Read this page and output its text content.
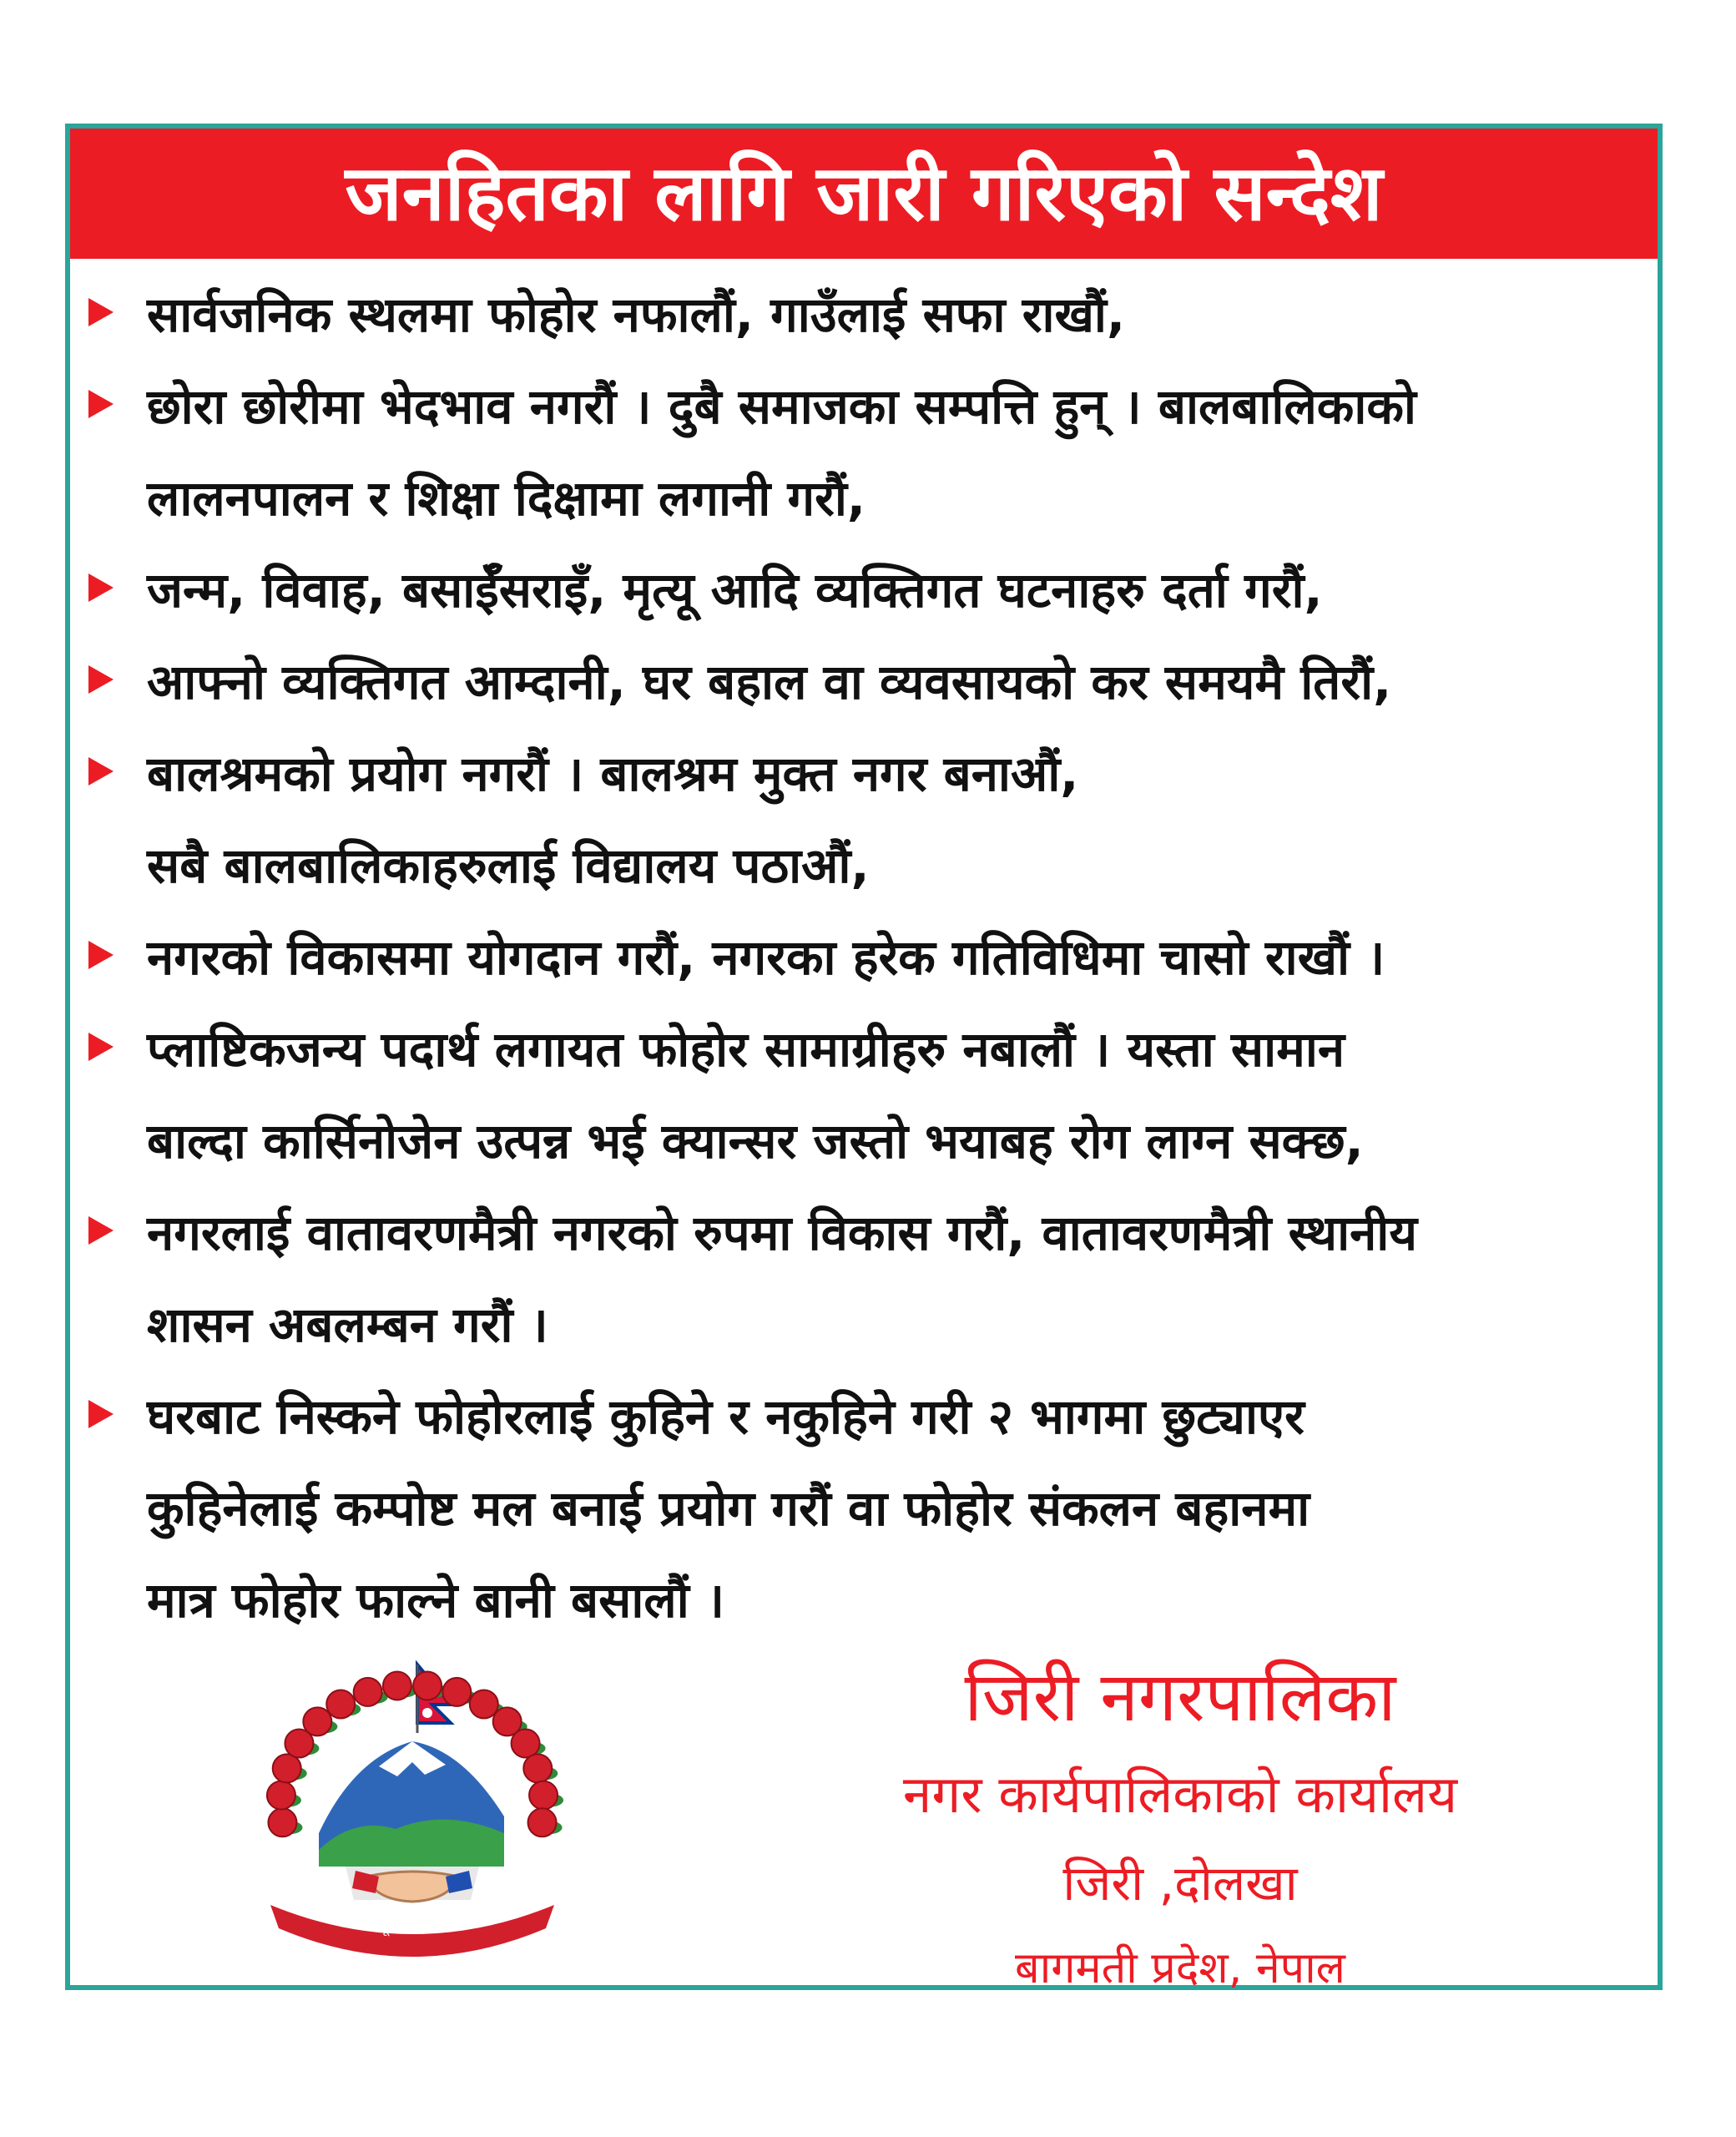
जनहितका लागि जारी गरिएको सन्देश
सार्वजनिक स्थलमा फोहोर नफालौं, गाउँलाई सफा राखौं,
छोरा छोरीमा भेदभाव नगरौं । दुबै समाजका सम्पत्ति हुन् । बालबालिकाको
लालनपालन र शिक्षा दिक्षामा लगानी गरौं,
जन्म, विवाह, बसाईँसराइँ, मृत्यू आदि व्यक्तिगत घटनाहरु दर्ता गरौं,
आफ्नो व्यक्तिगत आम्दानी, घर बहाल वा व्यवसायको कर समयमै तिरौं,
बालश्रमको प्रयोग नगरौं । बालश्रम मुक्त नगर बनाऔं,
सबै बालबालिकाहरुलाई विद्यालय पठाऔं,
नगरको विकासमा योगदान गरौं, नगरका हरेक गतिविधिमा चासो राखौं ।
प्लाष्टिकजन्य पदार्थ लगायत फोहोर सामाग्रीहरु नबालौं । यस्ता सामान
बाल्दा कार्सिनोजेन उत्पन्न भई क्यान्सर जस्तो भयाबह रोग लाग्न सक्छ,
नगरलाई वातावरणमैत्री नगरको रुपमा विकास गरौं, वातावरणमैत्री स्थानीय
शासन अबलम्बन गरौं ।
घरबाट निस्कने फोहोरलाई कुहिने र नकुहिने गरी २ भागमा छुट्याएर
कुहिनेलाई कम्पोष्ट मल बनाई प्रयोग गरौं वा फोहोर संकलन बहानमा
मात्र फोहोर फाल्ने बानी बसालौं ।
जननी जन्मभूमिश्च स्वर्गादपि गरीयसी
जिरी नगरपालिका
नगर कार्यपालिकाको कार्यालय
जिरी ,दोलखा
बागमती प्रदेश, नेपाल
